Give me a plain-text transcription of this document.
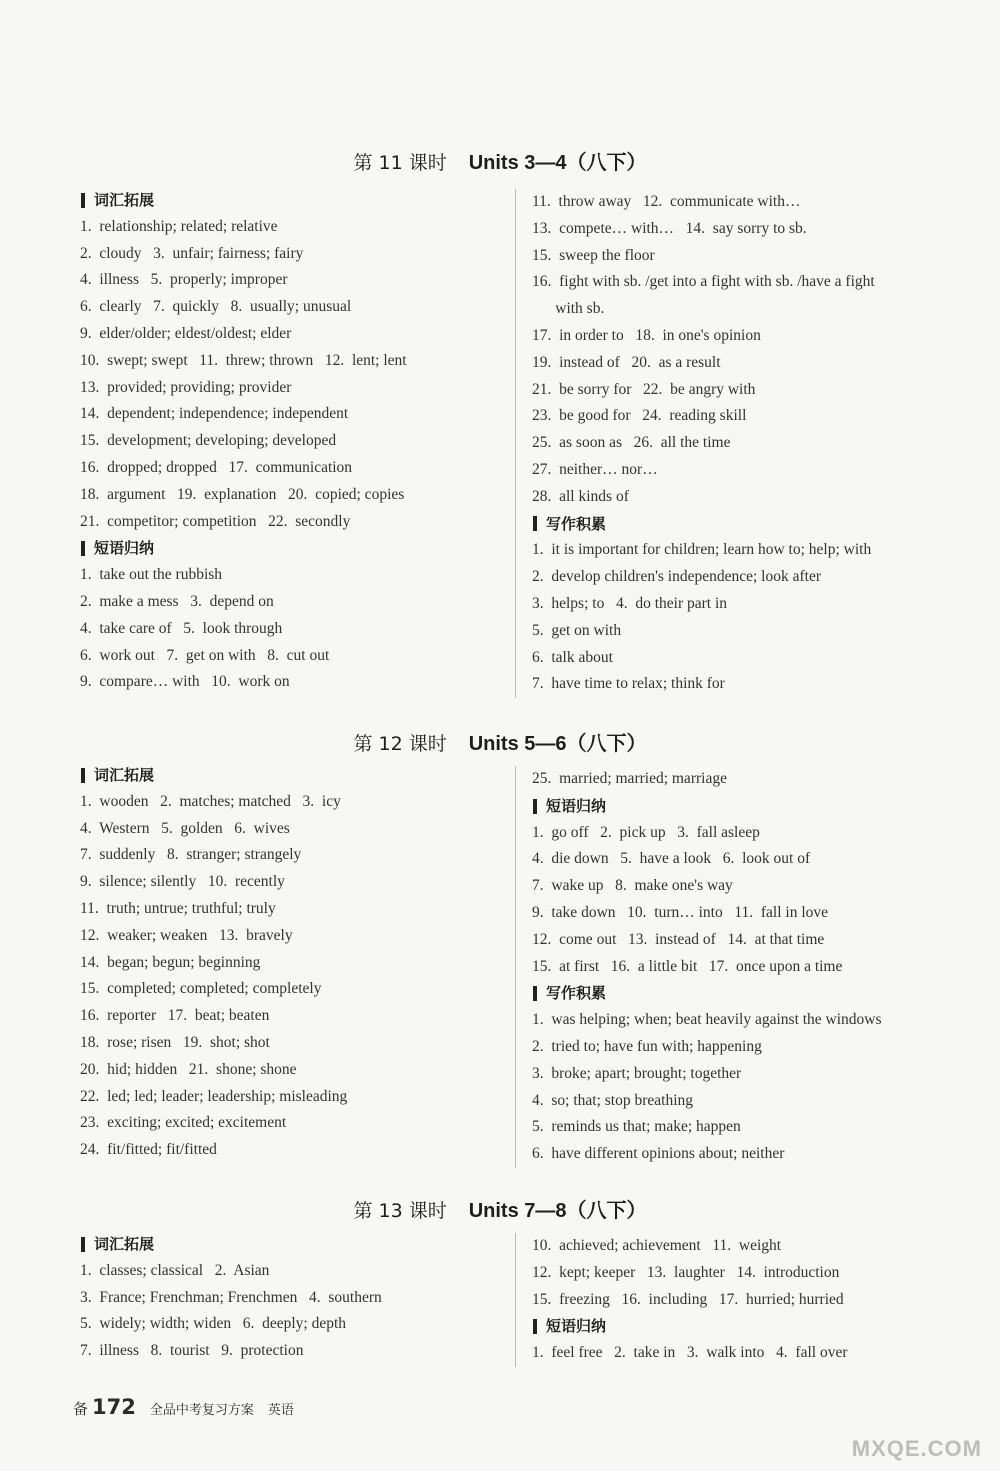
第 11 课时 Units 3—4（八下）
词汇拓展
1.  relationship; related; relative
2.  cloudy   3.  unfair; fairness; fairy
4.  illness   5.  properly; improper
6.  clearly   7.  quickly   8.  usually; unusual
9.  elder/older; eldest/oldest; elder
10.  swept; swept   11.  threw; thrown   12.  lent; lent
13.  provided; providing; provider
14.  dependent; independence; independent
15.  development; developing; developed
16.  dropped; dropped   17.  communication
18.  argument   19.  explanation   20.  copied; copies
21.  competitor; competition   22.  secondly
短语归纳
1.  take out the rubbish
2.  make a mess   3.  depend on
4.  take care of   5.  look through
6.  work out   7.  get on with   8.  cut out
9.  compare… with   10.  work on
11.  throw away   12.  communicate with…
13.  compete… with…   14.  say sorry to sb.
15.  sweep the floor
16.  fight with sb. /get into a fight with sb. /have a fight
with sb.
17.  in order to   18.  in one's opinion
19.  instead of   20.  as a result
21.  be sorry for   22.  be angry with
23.  be good for   24.  reading skill
25.  as soon as   26.  all the time
27.  neither… nor…
28.  all kinds of
写作积累
1.  it is important for children; learn how to; help; with
2.  develop children's independence; look after
3.  helps; to   4.  do their part in
5.  get on with
6.  talk about
7.  have time to relax; think for
第 12 课时 Units 5—6（八下）
词汇拓展
1.  wooden   2.  matches; matched   3.  icy
4.  Western   5.  golden   6.  wives
7.  suddenly   8.  stranger; strangely
9.  silence; silently   10.  recently
11.  truth; untrue; truthful; truly
12.  weaker; weaken   13.  bravely
14.  began; begun; beginning
15.  completed; completed; completely
16.  reporter   17.  beat; beaten
18.  rose; risen   19.  shot; shot
20.  hid; hidden   21.  shone; shone
22.  led; led; leader; leadership; misleading
23.  exciting; excited; excitement
24.  fit/fitted; fit/fitted
25.  married; married; marriage
短语归纳
1.  go off   2.  pick up   3.  fall asleep
4.  die down   5.  have a look   6.  look out of
7.  wake up   8.  make one's way
9.  take down   10.  turn… into   11.  fall in love
12.  come out   13.  instead of   14.  at that time
15.  at first   16.  a little bit   17.  once upon a time
写作积累
1.  was helping; when; beat heavily against the windows
2.  tried to; have fun with; happening
3.  broke; apart; brought; together
4.  so; that; stop breathing
5.  reminds us that; make; happen
6.  have different opinions about; neither
第 13 课时 Units 7—8（八下）
词汇拓展
1.  classes; classical   2.  Asian
3.  France; Frenchman; Frenchmen   4.  southern
5.  widely; width; widen   6.  deeply; depth
7.  illness   8.  tourist   9.  protection
10.  achieved; achievement   11.  weight
12.  kept; keeper   13.  laughter   14.  introduction
15.  freezing   16.  including   17.  hurried; hurried
短语归纳
1.  feel free   2.  take in   3.  walk into   4.  fall over
备 172 全品中考复习方案 英语
MXQE.COM
